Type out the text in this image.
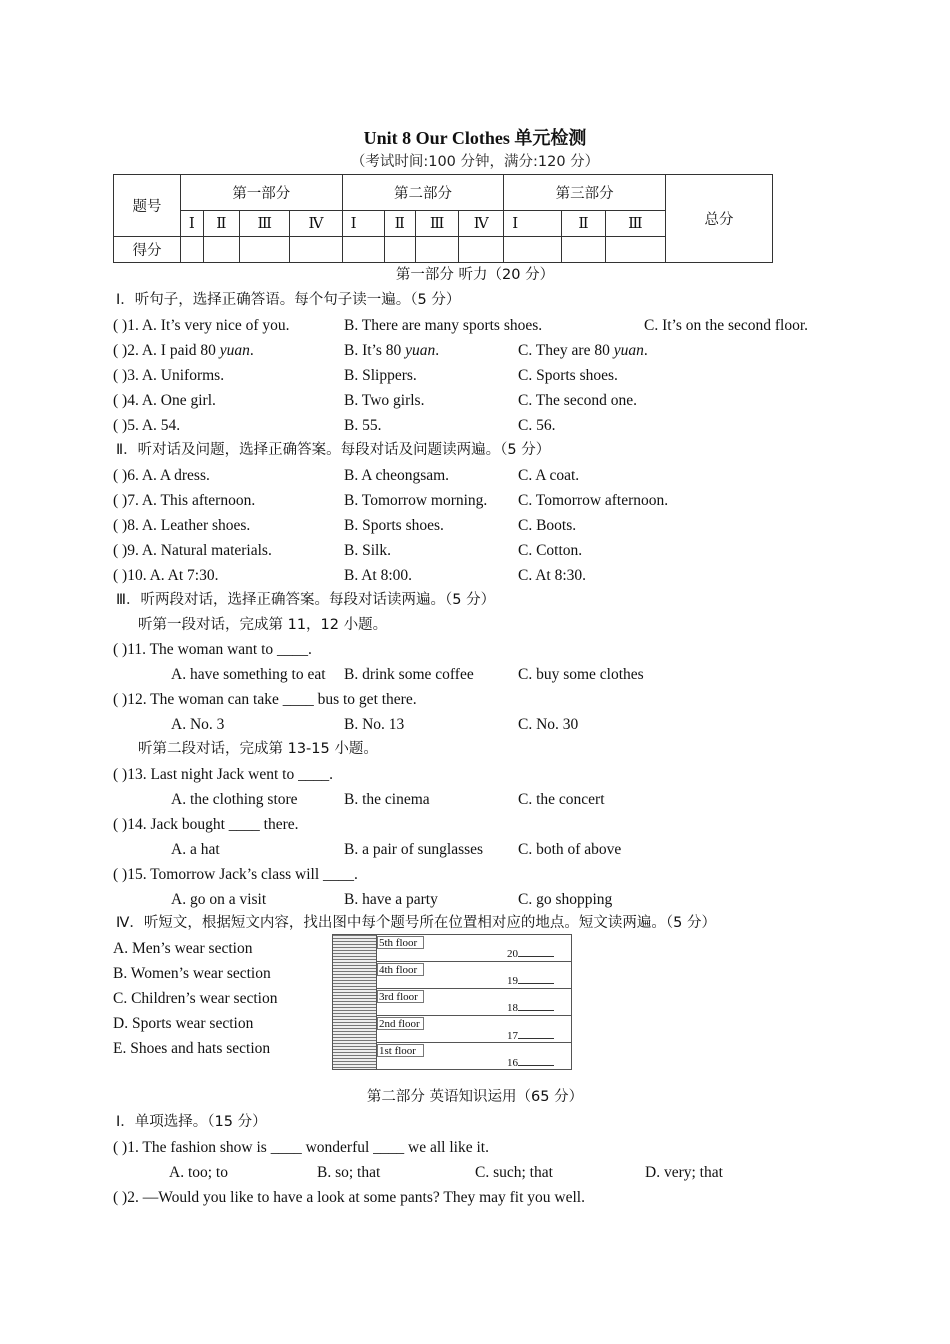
Unit 8 Our Clothes 单元检测
（考试时间:100 分钟，满分:120 分）
题号	第一部分				第二部分				第三部分			总分
	Ⅰ	Ⅱ	Ⅲ	Ⅳ	Ⅰ	Ⅱ	Ⅲ	Ⅳ	Ⅰ	Ⅱ	Ⅲ	
得分												
第一部分 听力（20 分）
Ⅰ．听句子，选择正确答语。每个句子读一遍。（5 分）
( )1. A. It’s very nice of you.	B. There are many sports shoes.	C. It’s on the second floor.
( )2. A. I paid 80 yuan.	B. It’s 80 yuan.	C. They are 80 yuan.
( )3. A. Uniforms.	B. Slippers.	C. Sports shoes.
( )4. A. One girl.	B. Two girls.	C. The second one.
( )5. A. 54.	B. 55.	C. 56.
Ⅱ．听对话及问题，选择正确答案。每段对话及问题读两遍。（5 分）
( )6. A. A dress.	B. A cheongsam.	C. A coat.
( )7. A. This afternoon.	B. Tomorrow morning. C. Tomorrow afternoon.
( )8. A. Leather shoes.	B. Sports shoes.	C. Boots.
( )9. A. Natural materials.	B. Silk.	C. Cotton.
( )10. A. At 7:30.	B. At 8:00.	C. At 8:30.
Ⅲ．听两段对话，选择正确答案。每段对话读两遍。（5 分）
听第一段对话，完成第 11，12 小题。
( )11. The woman want to ____.
A. have something to eat B. drink some coffee	C. buy some clothes
( )12. The woman can take ____ bus to get there.
A. No. 3	B. No. 13	C. No. 30
听第二段对话，完成第 13-15 小题。
( )13. Last night Jack went to ____.
A. the clothing store	B. the cinema	C. the concert
( )14. Jack bought ____ there.
A. a hat	B. a pair of sunglasses C. both of above
( )15. Tomorrow Jack’s class will ____.
A. go on a visit	B. have a party	C. go shopping
Ⅳ．听短文，根据短文内容，找出图中每个题号所在位置相对应的地点。短文读两遍。（5 分）
A. Men’s wear section
B. Women’s wear section
C. Children’s wear section
D. Sports wear section
E. Shoes and hats section
5th floor
20
4th floor
19
3rd floor
18
2nd floor
17
1st floor
16
第二部分 英语知识运用（65 分）
Ⅰ．单项选择。（15 分）
( )1. The fashion show is ____ wonderful ____ we all like it.
A. too; to	B. so; that	C. such; that	D. very; that
( )2. —Would you like to have a look at some pants? They may fit you well.
